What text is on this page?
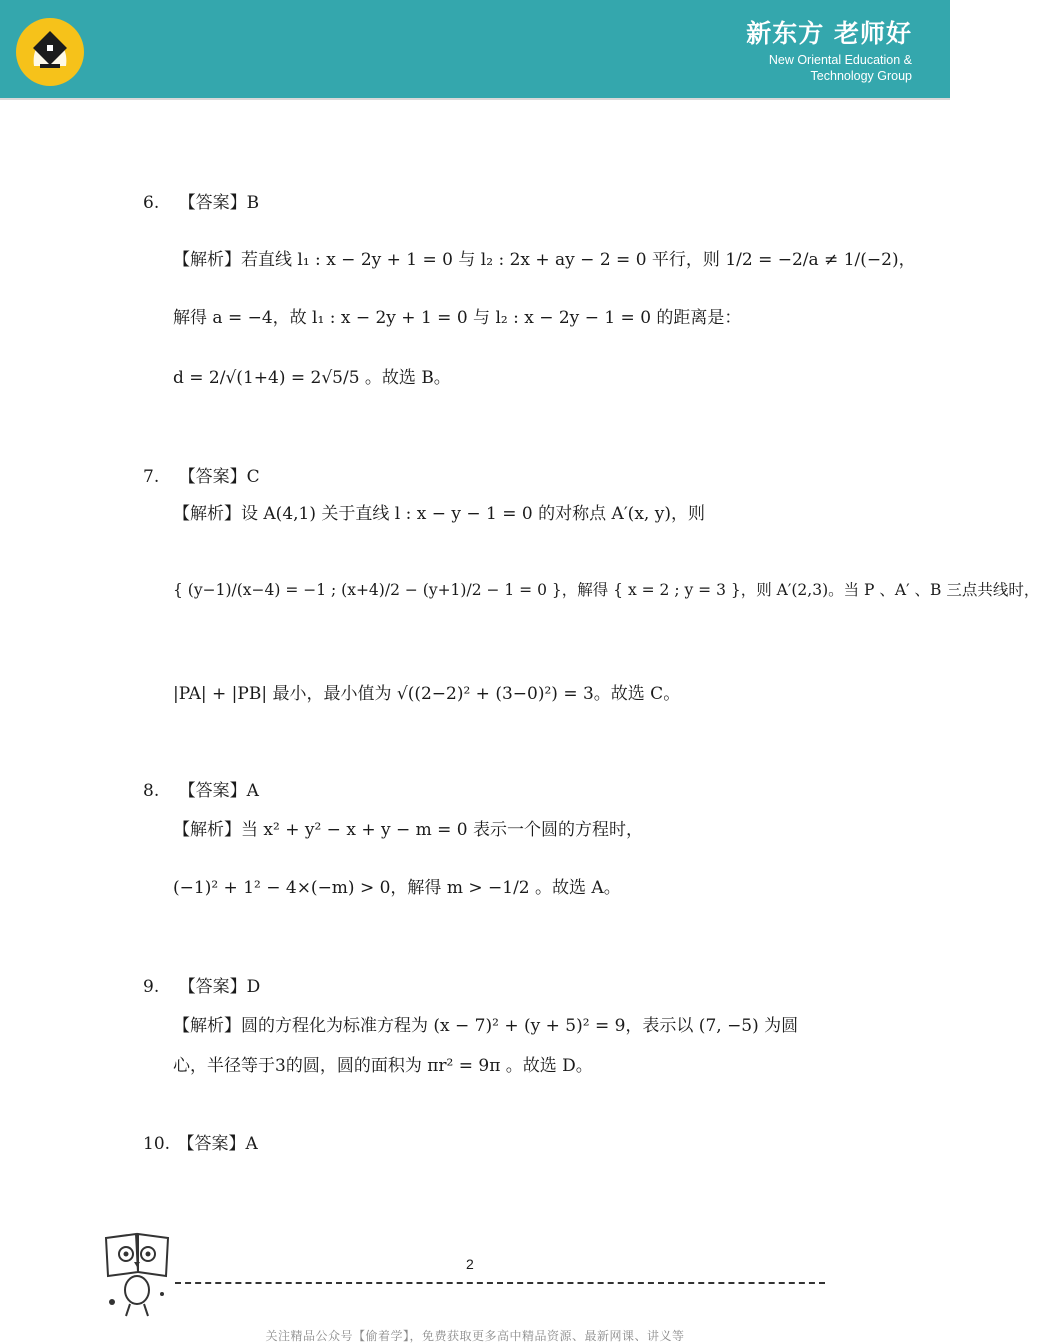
新东方 老师好
New Oriental Education &
Technology Group
6. 【答案】B
【解析】若直线 l₁ : x − 2y + 1 = 0 与 l₂ : 2x + ay − 2 = 0 平行，则 1/2 = −2/a ≠ 1/(−2)，
解得 a = −4，故 l₁ : x − 2y + 1 = 0 与 l₂ : x − 2y − 1 = 0 的距离是：
d = 2/√(1+4) = 2√5/5 。故选 B。
7. 【答案】C
【解析】设 A(4,1) 关于直线 l : x − y − 1 = 0 的对称点 A′(x, y)，则
{ (y−1)/(x−4) = −1 ; (x+4)/2 − (y+1)/2 − 1 = 0 }，解得 { x = 2 ; y = 3 }，则 A′(2,3)。当 P 、A′ 、B 三点共线时，
|PA| + |PB| 最小，最小值为 √((2−2)² + (3−0)²) = 3。故选 C。
8. 【答案】A
【解析】当 x² + y² − x + y − m = 0 表示一个圆的方程时，
(−1)² + 1² − 4×(−m) > 0，解得 m > −1/2 。故选 A。
9. 【答案】D
【解析】圆的方程化为标准方程为 (x − 7)² + (y + 5)² = 9，表示以 (7, −5) 为圆
心，半径等于3的圆，圆的面积为 πr² = 9π 。故选 D。
10. 【答案】A
2
关注精品公众号【偷着学】，免费获取更多高中精品资源、最新网课、讲义等
